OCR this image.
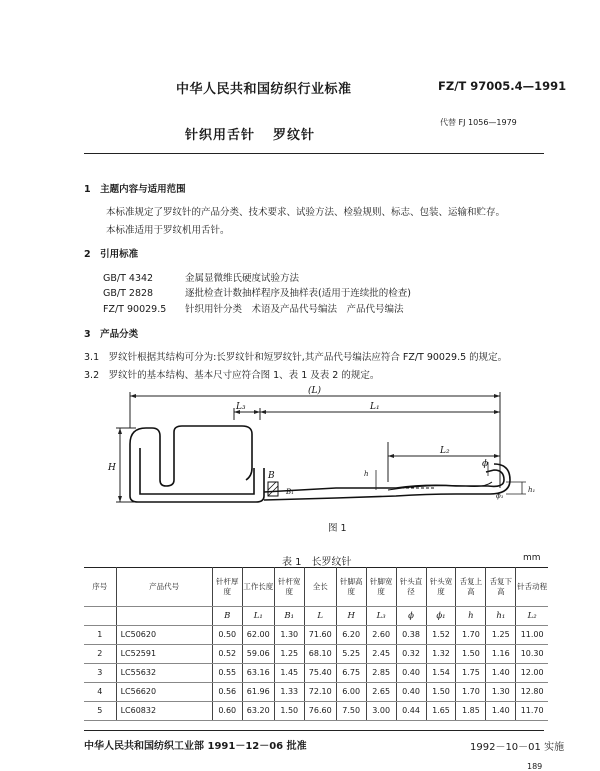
中华人民共和国纺织行业标准	FZ/T 97005.4—1991
针织用舌针 罗纹针
代替 FJ 1056—1979
1　主题内容与适用范围
本标准规定了罗纹针的产品分类、技术要求、试验方法、检验规则、标志、包装、运输和贮存。
本标准适用于罗纹机用舌针。
2　引用标准
GB/T 4342	金属显微维氏硬度试验方法
GB/T 2828	逐批检查计数抽样程序及抽样表(适用于连续批的检查)
FZ/T 90029.5 针织用针分类　术语及产品代号编法　产品代号编法
3　产品分类
3.1　罗纹针根据其结构可分为:长罗纹针和短罗纹针,其产品代号编法应符合 FZ/T 90029.5 的规定。
3.2　罗纹针的基本结构、基本尺寸应符合图 1、表 1 及表 2 的规定。
(L)
L₃	L₁
L₂
H
B
B₁
h
h₁
ϕ
ϕ₁
图 1
表 1　长罗纹针	mm
序号	产品代号	针杆厚度	工作长度	针杆宽度	全长	针脚高度	针脚宽度	针头直径	针头宽度	舌复上高	舌复下高	针舌动程
		B	L₁	B₁	L	H	L₃	ϕ	ϕ₁	h	h₁	L₂
1	LC50620	0.50	62.00	1.30	71.60	6.20	2.60	0.38	1.52	1.70	1.25	11.00
2	LC52591	0.52	59.06	1.25	68.10	5.25	2.45	0.32	1.32	1.50	1.16	10.30
3	LC55632	0.55	63.16	1.45	75.40	6.75	2.85	0.40	1.54	1.75	1.40	12.00
4	LC56620	0.56	61.96	1.33	72.10	6.00	2.65	0.40	1.50	1.70	1.30	12.80
5	LC60832	0.60	63.20	1.50	76.60	7.50	3.00	0.44	1.65	1.85	1.40	11.70
中华人民共和国纺织工业部 1991－12－06 批准	1992－10－01 实施
189
